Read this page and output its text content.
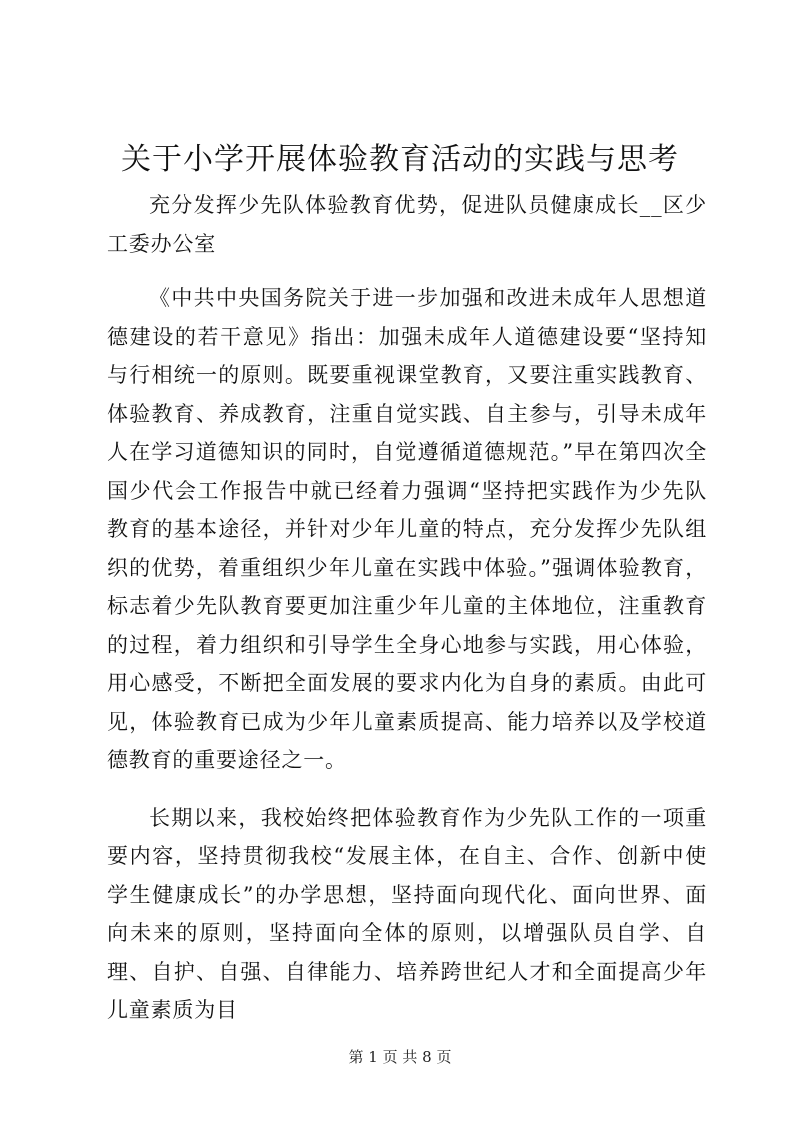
关于小学开展体验教育活动的实践与思考

充分发挥少先队体验教育优势，促进队员健康成长__区少工委办公室

《中共中央国务院关于进一步加强和改进未成年人思想道德建设的若干意见》指出：加强未成年人道德建设要“坚持知与行相统一的原则。既要重视课堂教育，又要注重实践教育、体验教育、养成教育，注重自觉实践、自主参与，引导未成年人在学习道德知识的同时，自觉遵循道德规范。”早在第四次全国少代会工作报告中就已经着力强调“坚持把实践作为少先队教育的基本途径，并针对少年儿童的特点，充分发挥少先队组织的优势，着重组织少年儿童在实践中体验。”强调体验教育，标志着少先队教育要更加注重少年儿童的主体地位，注重教育的过程，着力组织和引导学生全身心地参与实践，用心体验，用心感受，不断把全面发展的要求内化为自身的素质。由此可见，体验教育已成为少年儿童素质提高、能力培养以及学校道德教育的重要途径之一。

长期以来，我校始终把体验教育作为少先队工作的一项重要内容，坚持贯彻我校“发展主体，在自主、合作、创新中使学生健康成长”的办学思想，坚持面向现代化、面向世界、面向未来的原则，坚持面向全体的原则，以增强队员自学、自理、自护、自强、自律能力、培养跨世纪人才和全面提高少年儿童素质为目

第 1 页 共 8 页
